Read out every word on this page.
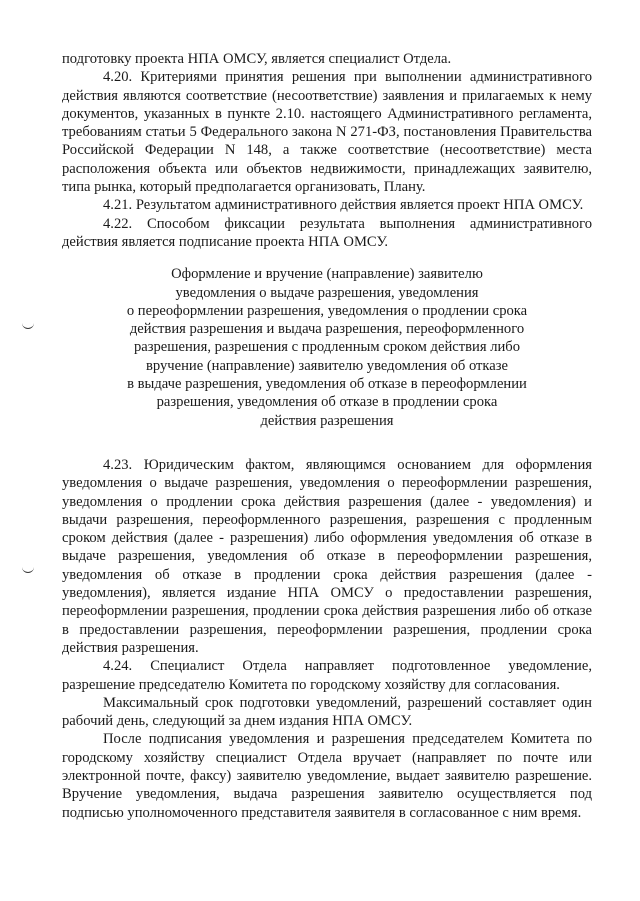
подготовку проекта НПА ОМСУ, является специалист Отдела.

4.20. Критериями принятия решения при выполнении административного действия являются соответствие (несоответствие) заявления и прилагаемых к нему документов, указанных в пункте 2.10. настоящего Административного регламента, требованиям статьи 5 Федерального закона N 271-ФЗ, постановления Правительства Российской Федерации N 148, а также соответствие (несоответствие) места расположения объекта или объектов недвижимости, принадлежащих заявителю, типа рынка, который предполагается организовать, Плану.

4.21. Результатом административного действия является проект НПА ОМСУ.

4.22. Способом фиксации результата выполнения административного действия является подписание проекта НПА ОМСУ.

Оформление и вручение (направление) заявителю
уведомления о выдаче разрешения, уведомления
о переоформлении разрешения, уведомления о продлении срока
действия разрешения и выдача разрешения, переоформленного
разрешения, разрешения с продленным сроком действия либо
вручение (направление) заявителю уведомления об отказе
в выдаче разрешения, уведомления об отказе в переоформлении
разрешения, уведомления об отказе в продлении срока
действия разрешения

4.23. Юридическим фактом, являющимся основанием для оформления уведомления о выдаче разрешения, уведомления о переоформлении разрешения, уведомления о продлении срока действия разрешения (далее - уведомления) и выдачи разрешения, переоформленного разрешения, разрешения с продленным сроком действия (далее - разрешения) либо оформления уведомления об отказе в выдаче разрешения, уведомления об отказе в переоформлении разрешения, уведомления об отказе в продлении срока действия разрешения (далее - уведомления), является издание НПА ОМСУ о предоставлении разрешения, переоформлении разрешения, продлении срока действия разрешения либо об отказе в предоставлении разрешения, переоформлении разрешения, продлении срока действия разрешения.

4.24. Специалист Отдела направляет подготовленное уведомление, разрешение председателю Комитета по городскому хозяйству для согласования.

Максимальный срок подготовки уведомлений, разрешений составляет один рабочий день, следующий за днем издания НПА ОМСУ.

После подписания уведомления и разрешения председателем Комитета по городскому хозяйству специалист Отдела вручает (направляет по почте или электронной почте, факсу) заявителю уведомление, выдает заявителю разрешение. Вручение уведомления, выдача разрешения заявителю осуществляется под подписью уполномоченного представителя заявителя в согласованное с ним время.
